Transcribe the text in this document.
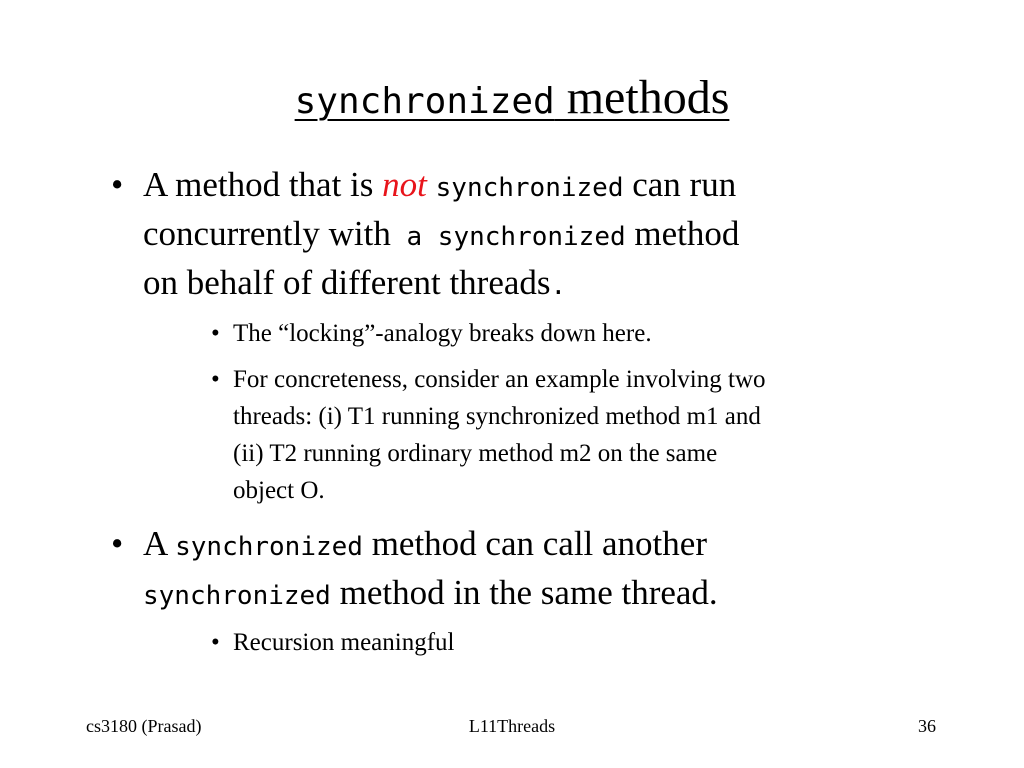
synchronized methods
• A method that is not synchronized can run
concurrently with a synchronized method
on behalf of different threads.
• The “locking”-analogy breaks down here.
• For concreteness, consider an example involving two
threads: (i) T1 running synchronized method m1 and
(ii) T2 running ordinary method m2 on the same
object O.
• A synchronized method can call another
synchronized method in the same thread.
• Recursion meaningful
cs3180 (Prasad)	L11Threads	36
